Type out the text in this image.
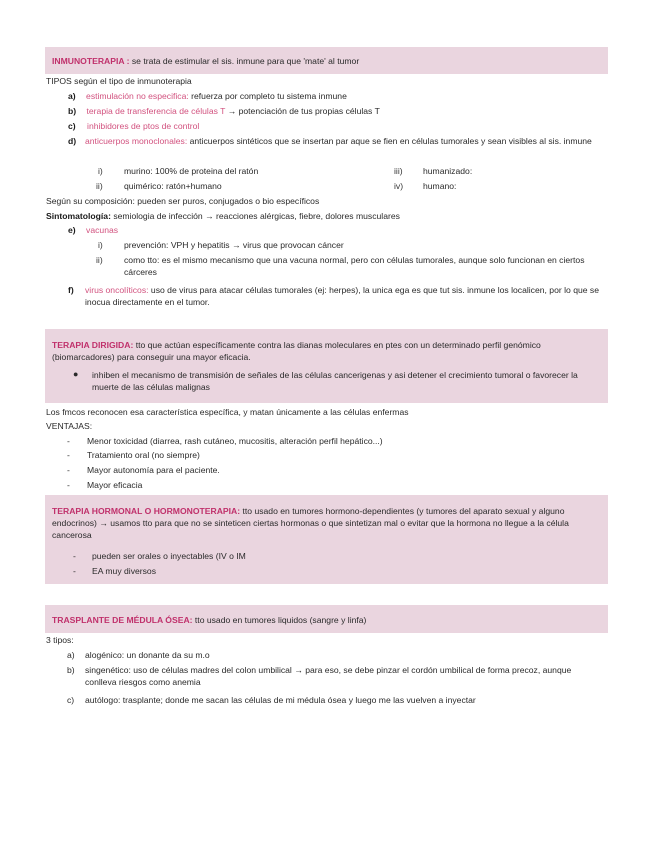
INMUNOTERAPIA : se trata de estimular el sis. inmune para que 'mate' al tumor
TIPOS según el tipo de inmunoterapia
a) estimulación no especifica: refuerza por completo tu sistema inmune
b) terapia de transferencia de células T → potenciación de tus propias células T
c) inhibidores de ptos de control
d) anticuerpos monoclonales: anticuerpos sintéticos que se insertan par aque se fien en células tumorales y sean visibles al sis. inmune
i) murino: 100% de proteina del ratón
ii) quimérico: ratón+humano
iii) humanizado:
iv) humano:
Según su composición: pueden ser puros, conjugados o bio específicos
Sintomatología: semiologia de infección → reacciones alérgicas, fiebre, dolores musculares
e) vacunas
i) prevención: VPH y hepatitis → virus que provocan cáncer
ii) como tto: es el mismo mecanismo que una vacuna normal, pero con células tumorales, aunque solo funcionan en ciertos cárceres
f) virus oncolíticos: uso de virus para atacar células tumorales (ej: herpes), la unica ega es que tut sis. inmune los localicen, por lo que se inocua directamente en el tumor.
TERAPIA DIRIGIDA: tto que actúan específicamente contra las dianas moleculares en ptes con un determinado perfil genómico (biomarcadores) para conseguir una mayor eficacia.
● inhiben el mecanismo de transmisión de señales de las células cancerigenas y asi detener el crecimiento tumoral o favorecer la muerte de las células malignas
Los fmcos reconocen esa característica específica, y matan únicamente a las células enfermas
VENTAJAS:
- Menor toxicidad (diarrea, rash cutáneo, mucositis, alteración perfil hepático...)
- Tratamiento oral (no siempre)
- Mayor autonomía para el paciente.
- Mayor eficacia
TERAPIA HORMONAL O HORMONOTERAPIA: tto usado en tumores hormono-dependientes (y tumores del aparato sexual y alguno endocrinos) → usamos tto para que no se sinteticen ciertas hormonas o que sintetizan mal o evitar que la hormona no llegue a la célula cancerosa
- pueden ser orales o inyectables (IV o IM
- EA muy diversos
TRASPLANTE DE MÉDULA ÓSEA: tto usado en tumores liquidos (sangre y linfa)
3 tipos:
a) alogénico: un donante da su m.o
b) singenético: uso de células madres del colon umbilical → para eso, se debe pinzar el cordón umbilical de forma precoz, aunque conlleva riesgos como anemia
c) autólogo: trasplante; donde me sacan las células de mi médula ósea y luego me las vuelven a inyectar
